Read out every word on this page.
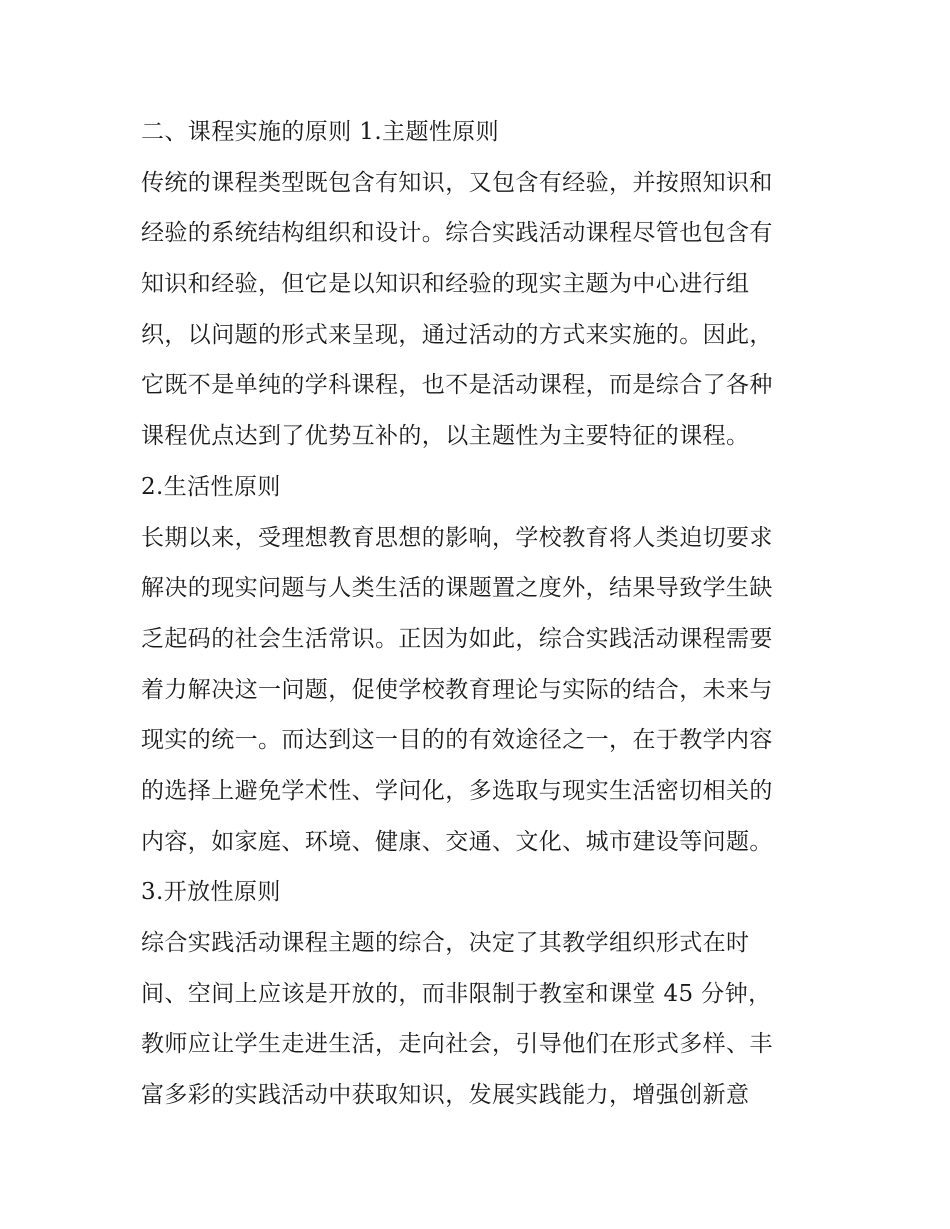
二、课程实施的原则 1.主题性原则
传统的课程类型既包含有知识，又包含有经验，并按照知识和
经验的系统结构组织和设计。综合实践活动课程尽管也包含有
知识和经验，但它是以知识和经验的现实主题为中心进行组
织，以问题的形式来呈现，通过活动的方式来实施的。因此，
它既不是单纯的学科课程，也不是活动课程，而是综合了各种
课程优点达到了优势互补的，以主题性为主要特征的课程。
2.生活性原则
长期以来，受理想教育思想的影响，学校教育将人类迫切要求
解决的现实问题与人类生活的课题置之度外，结果导致学生缺
乏起码的社会生活常识。正因为如此，综合实践活动课程需要
着力解决这一问题，促使学校教育理论与实际的结合，未来与
现实的统一。而达到这一目的的有效途径之一，在于教学内容
的选择上避免学术性、学问化，多选取与现实生活密切相关的
内容，如家庭、环境、健康、交通、文化、城市建设等问题。
3.开放性原则
综合实践活动课程主题的综合，决定了其教学组织形式在时
间、空间上应该是开放的，而非限制于教室和课堂 45 分钟，
教师应让学生走进生活，走向社会，引导他们在形式多样、丰
富多彩的实践活动中获取知识，发展实践能力，增强创新意
